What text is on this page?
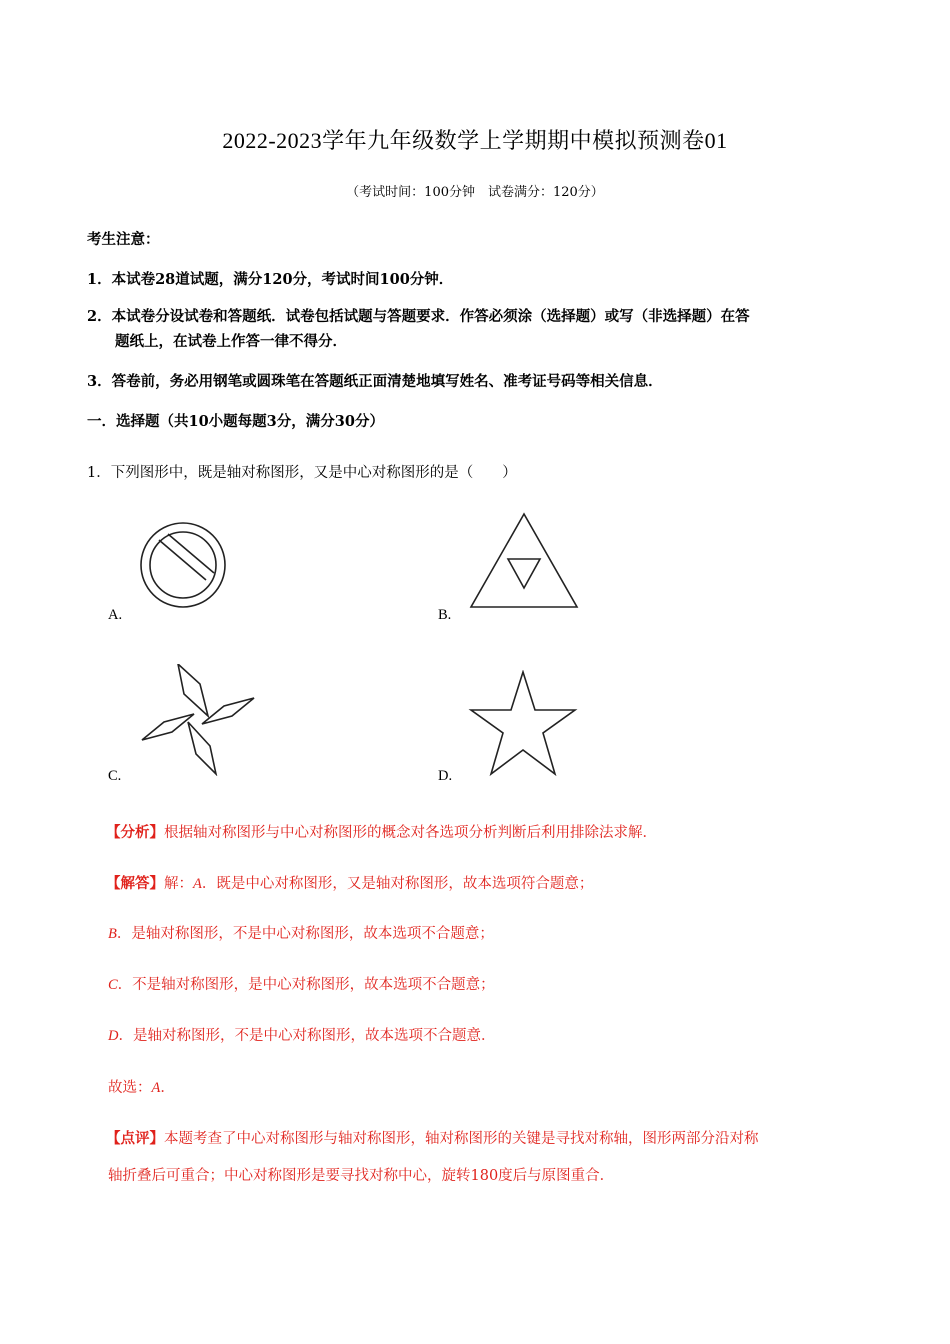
2022-2023学年九年级数学上学期期中模拟预测卷01
（考试时间：100分钟　试卷满分：120分）
考生注意：
1．本试卷28道试题，满分120分，考试时间100分钟．
2．本试卷分设试卷和答题纸．试卷包括试题与答题要求．作答必须涂（选择题）或写（非选择题）在答
题纸上，在试卷上作答一律不得分．
3．答卷前，务必用钢笔或圆珠笔在答题纸正面清楚地填写姓名、准考证号码等相关信息．
一．选择题（共10小题每题3分，满分30分）
1．下列图形中，既是轴对称图形，又是中心对称图形的是（　　）
A.	B.
C.	D.
【分析】根据轴对称图形与中心对称图形的概念对各选项分析判断后利用排除法求解．
【解答】解：A．既是中心对称图形，又是轴对称图形，故本选项符合题意；
B．是轴对称图形，不是中心对称图形，故本选项不合题意；
C．不是轴对称图形，是中心对称图形，故本选项不合题意；
D．是轴对称图形，不是中心对称图形，故本选项不合题意．
故选：A．
【点评】本题考查了中心对称图形与轴对称图形，轴对称图形的关键是寻找对称轴，图形两部分沿对称
轴折叠后可重合；中心对称图形是要寻找对称中心，旋转180度后与原图重合．
